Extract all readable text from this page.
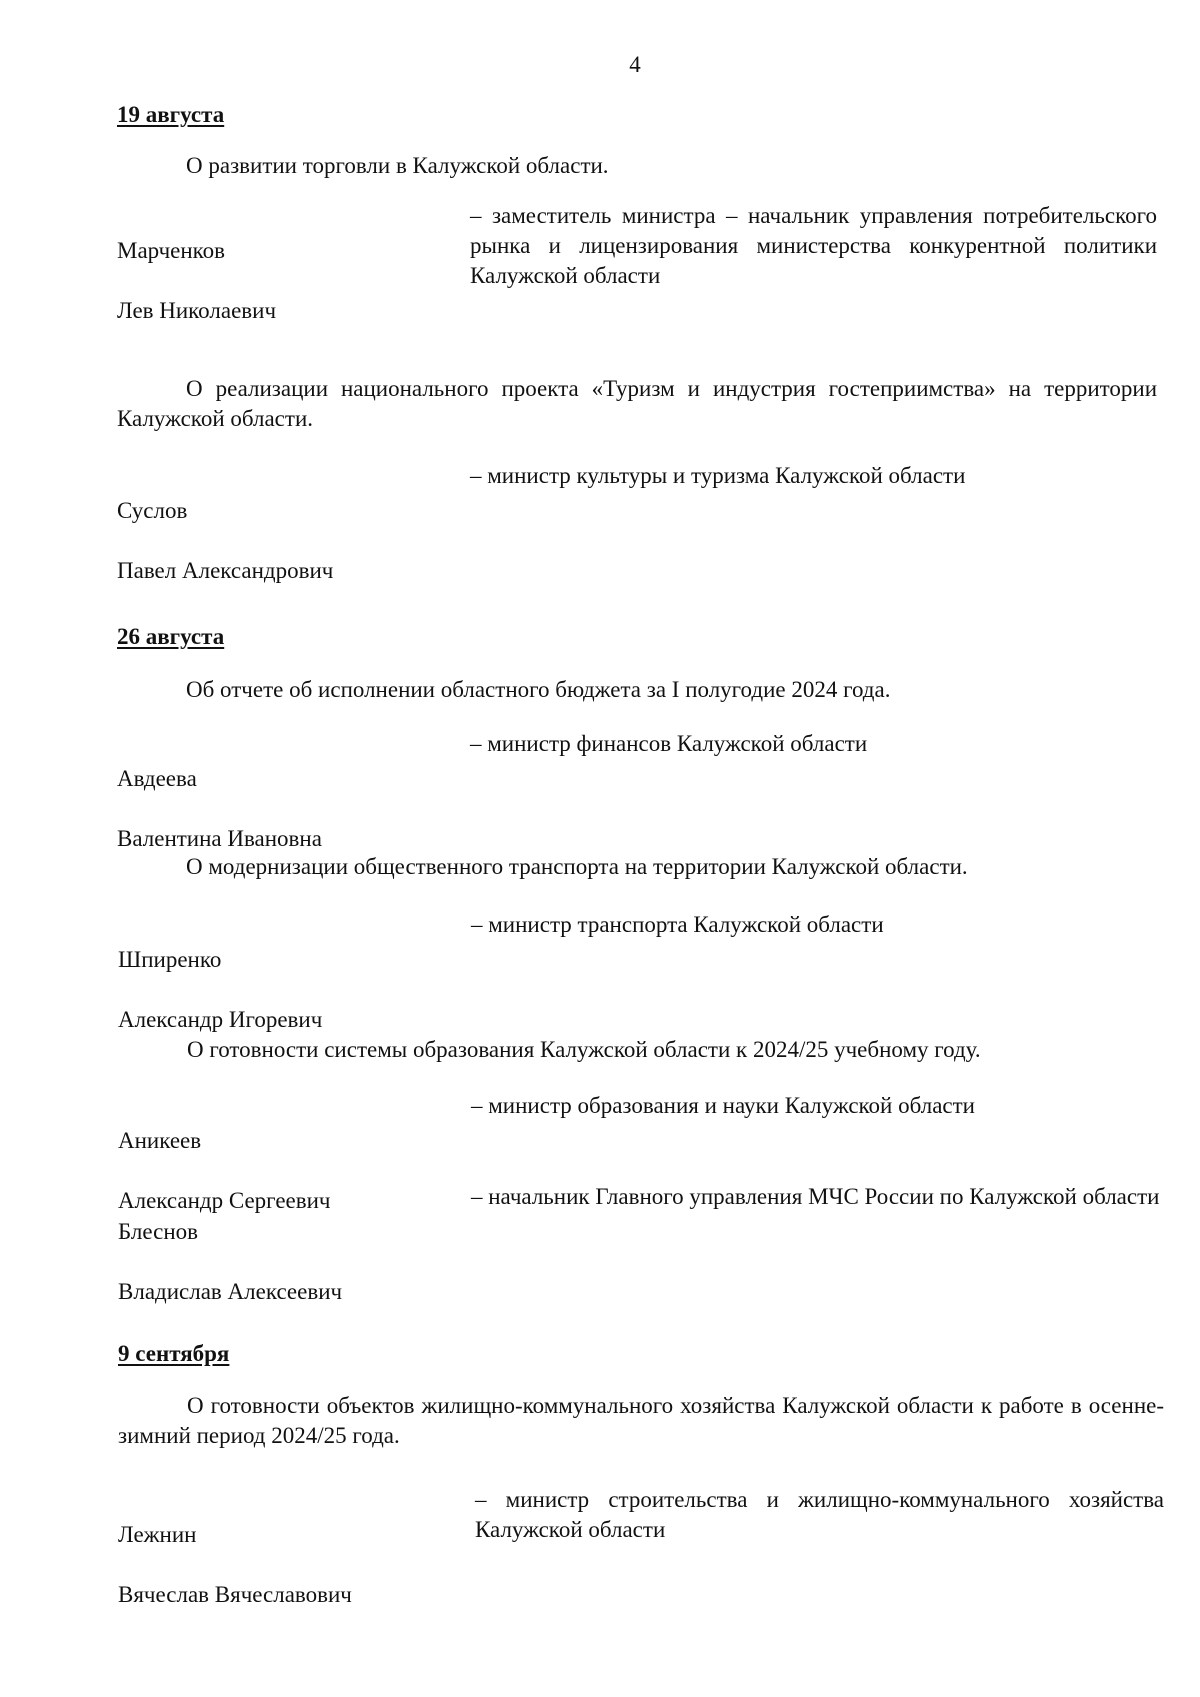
4
19 августа
О развитии торговли в Калужской области.

Марченков

Лев Николаевич

– заместитель министра – начальник управления потребительского рынка и лицензирования министерства конкурентной политики Калужской области
О реализации национального проекта «Туризм и индустрия гостеприимства» на территории Калужской области.

Суслов

Павел Александрович

– министр культуры и туризма Калужской области
26 августа
Об отчете об исполнении областного бюджета за I полугодие 2024 года.

Авдеева

Валентина Ивановна

– министр финансов Калужской области
О модернизации общественного транспорта на территории Калужской области.

Шпиренко

Александр Игоревич

– министр транспорта Калужской области
О готовности системы образования Калужской области к 2024/25 учебному году.

Аникеев

Александр Сергеевич

– министр образования и науки Калужской области

Блеснов

Владислав Алексеевич

– начальник Главного управления МЧС России по Калужской области
9 сентября
О готовности объектов жилищно-коммунального хозяйства Калужской области к работе в осенне-зимний период 2024/25 года.

Лежнин

Вячеслав Вячеславович

– министр строительства и жилищно-коммунального хозяйства Калужской области
